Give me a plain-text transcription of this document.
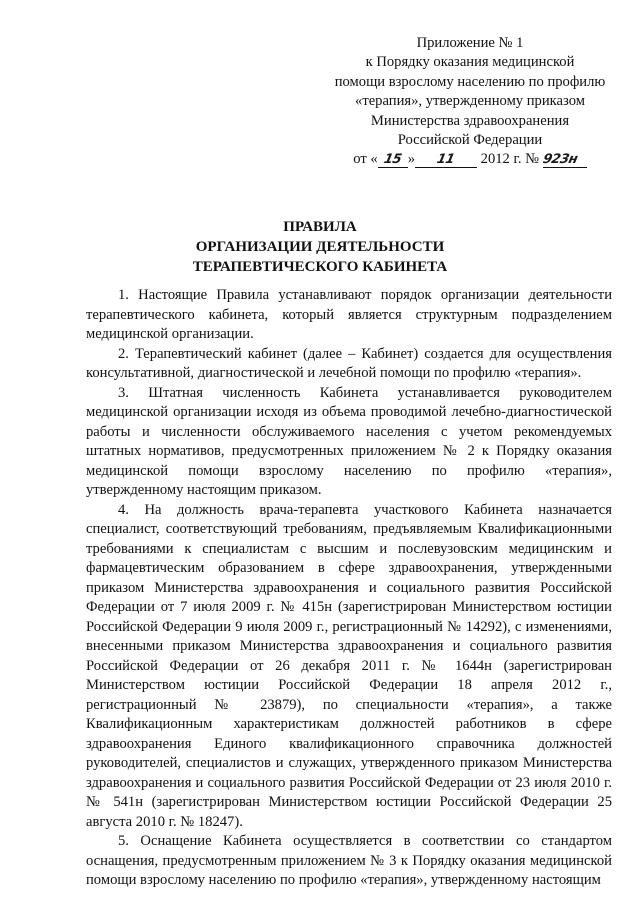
Приложение № 1
к Порядку оказания медицинской
помощи взрослому населению по профилю
«терапия», утвержденному приказом
Министерства здравоохранения
Российской Федерации
от « 15 » 11 2012 г. № 923н
ПРАВИЛА
ОРГАНИЗАЦИИ ДЕЯТЕЛЬНОСТИ
ТЕРАПЕВТИЧЕСКОГО КАБИНЕТА

1. Настоящие Правила устанавливают порядок организации деятельности терапевтического кабинета, который является структурным подразделением медицинской организации.

2. Терапевтический кабинет (далее – Кабинет) создается для осуществления консультативной, диагностической и лечебной помощи по профилю «терапия».

3. Штатная численность Кабинета устанавливается руководителем медицинской организации исходя из объема проводимой лечебно-диагностической работы и численности обслуживаемого населения с учетом рекомендуемых штатных нормативов, предусмотренных приложением № 2 к Порядку оказания медицинской помощи взрослому населению по профилю «терапия», утвержденному настоящим приказом.

4. На должность врача-терапевта участкового Кабинета назначается специалист, соответствующий требованиям, предъявляемым Квалификационными требованиями к специалистам с высшим и послевузовским медицинским и фармацевтическим образованием в сфере здравоохранения, утвержденными приказом Министерства здравоохранения и социального развития Российской Федерации от 7 июля 2009 г. № 415н (зарегистрирован Министерством юстиции Российской Федерации 9 июля 2009 г., регистрационный № 14292), с изменениями, внесенными приказом Министерства здравоохранения и социального развития Российской Федерации от 26 декабря 2011 г. № 1644н (зарегистрирован Министерством юстиции Российской Федерации 18 апреля 2012 г., регистрационный № 23879), по специальности «терапия», а также Квалификационным характеристикам должностей работников в сфере здравоохранения Единого квалификационного справочника должностей руководителей, специалистов и служащих, утвержденного приказом Министерства здравоохранения и социального развития Российской Федерации от 23 июля 2010 г. № 541н (зарегистрирован Министерством юстиции Российской Федерации 25 августа 2010 г. № 18247).

5. Оснащение Кабинета осуществляется в соответствии со стандартом оснащения, предусмотренным приложением № 3 к Порядку оказания медицинской помощи взрослому населению по профилю «терапия», утвержденному настоящим
